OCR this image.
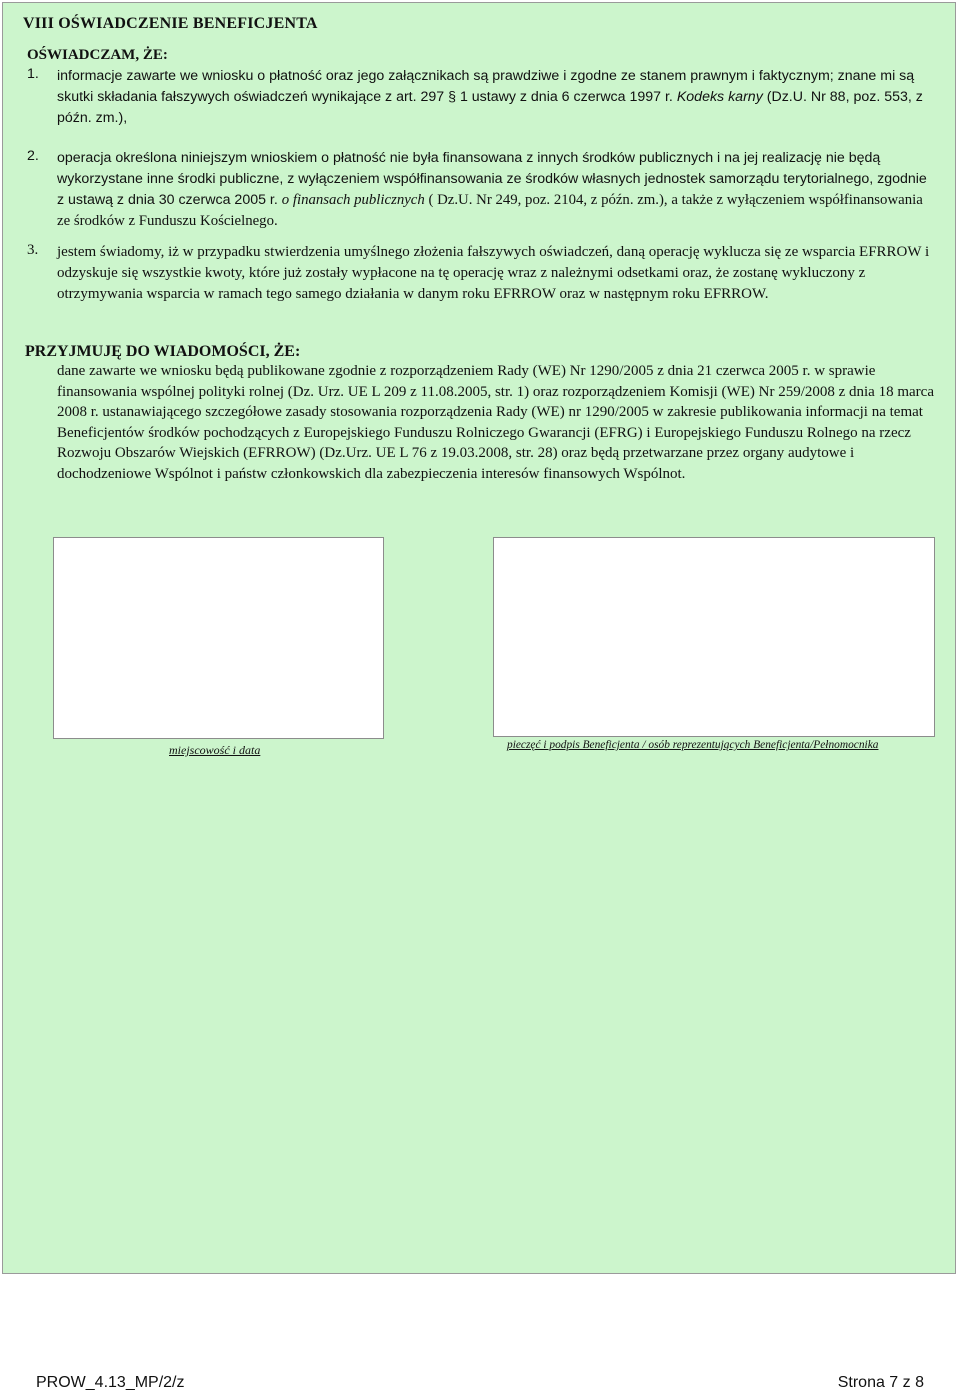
VIII OŚWIADCZENIE BENEFICJENTA
OŚWIADCZAM, ŻE:
1. informacje zawarte we wniosku o płatność oraz jego załącznikach są prawdziwe i zgodne ze stanem prawnym i faktycznym; znane mi są skutki składania fałszywych oświadczeń wynikające z art. 297 § 1 ustawy z dnia 6 czerwca 1997 r. Kodeks karny (Dz.U. Nr 88, poz. 553, z późn. zm.),

2. operacja określona niniejszym wnioskiem o płatność nie była finansowana z innych środków publicznych i na jej realizację nie będą wykorzystane inne środki publiczne, z wyłączeniem współfinansowania ze środków własnych jednostek samorządu terytorialnego, zgodnie z ustawą z dnia 30 czerwca 2005 r. o finansach publicznych ( Dz.U. Nr 249, poz. 2104, z późn. zm.), a także z wyłączeniem współfinansowania ze środków z Funduszu Kościelnego.

3. jestem świadomy, iż w przypadku stwierdzenia umyślnego złożenia fałszywych oświadczeń, daną operację wyklucza się ze wsparcia EFRROW i odzyskuje się wszystkie kwoty, które już zostały wypłacone na tę operację wraz z należnymi odsetkami oraz, że zostanę wykluczony z otrzymywania wsparcia w ramach tego samego działania w danym roku EFRROW oraz w następnym roku EFRROW.

PRZYJMUJĘ DO WIADOMOŚCI, ŻE:

dane zawarte we wniosku będą publikowane zgodnie z rozporządzeniem Rady (WE) Nr 1290/2005 z dnia 21 czerwca 2005 r. w sprawie finansowania wspólnej polityki rolnej (Dz. Urz. UE L 209 z 11.08.2005, str. 1) oraz rozporządzeniem Komisji (WE) Nr 259/2008 z dnia 18 marca 2008 r. ustanawiającego szczegółowe zasady stosowania rozporządzenia Rady (WE) nr 1290/2005 w zakresie publikowania informacji na temat Beneficjentów środków pochodzących z Europejskiego Funduszu Rolniczego Gwarancji (EFRG) i Europejskiego Funduszu Rolnego na rzecz Rozwoju Obszarów Wiejskich (EFRROW) (Dz.Urz. UE L 76 z 19.03.2008, str. 28) oraz będą przetwarzane przez organy audytowe i dochodzeniowe Wspólnot i państw członkowskich dla zabezpieczenia interesów finansowych Wspólnot.

miejscowość i data	pieczęć i podpis Beneficjenta / osób reprezentujących Beneficjenta/Pełnomocnika
PROW_4.13_MP/2/z	Strona 7 z 8
